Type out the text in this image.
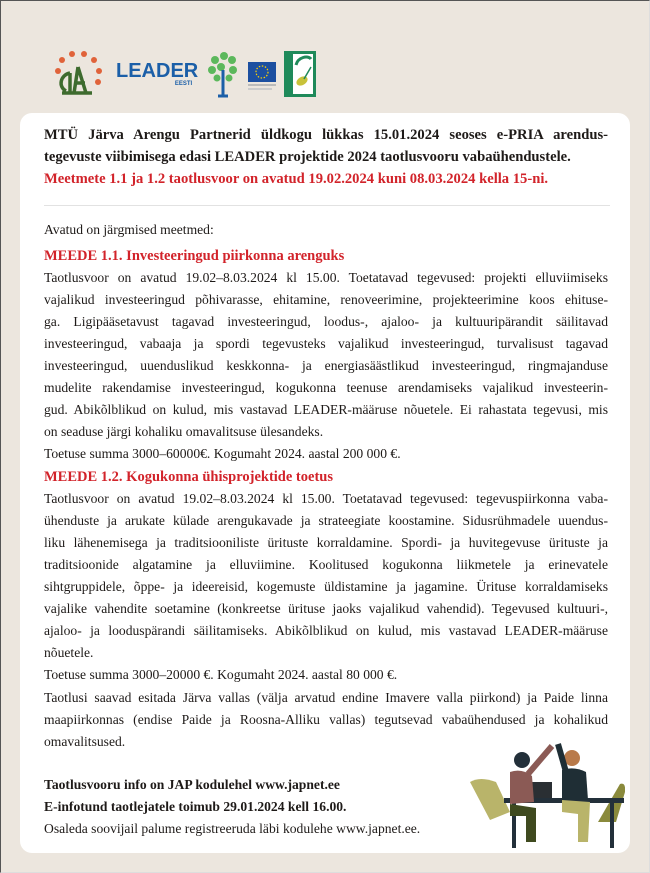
LEADER
EESTI
MTÜ Järva Arengu Partnerid üldkogu lükkas 15.01.2024 seoses e-PRIA arendus-
tegevuste viibimisega edasi LEADER projektide 2024 taotlusvooru vabaühendustele.
Meetmete 1.1 ja 1.2 taotlusvoor on avatud 19.02.2024 kuni 08.03.2024 kella 15-ni.
Avatud on järgmised meetmed:
MEEDE 1.1. Investeeringud piirkonna arenguks
Taotlusvoor on avatud 19.02–8.03.2024 kl 15.00. Toetatavad tegevused: projekti elluviimiseks
vajalikud investeeringud põhivarasse, ehitamine, renoveerimine, projekteerimine koos ehituse-
ga. Ligipääsetavust tagavad investeeringud, loodus-, ajaloo- ja kultuuripärandit säilitavad
investeeringud, vabaaja ja spordi tegevusteks vajalikud investeeringud, turvalisust tagavad
investeeringud, uuenduslikud keskkonna- ja energiasäästlikud investeeringud, ringmajanduse
mudelite rakendamise investeeringud, kogukonna teenuse arendamiseks vajalikud investeerin-
gud. Abikõlblikud on kulud, mis vastavad LEADER-määruse nõuetele. Ei rahastata tegevusi, mis
on seaduse järgi kohaliku omavalitsuse ülesandeks.
Toetuse summa 3000–60000€. Kogumaht 2024. aastal 200 000 €.
MEEDE 1.2. Kogukonna ühisprojektide toetus
Taotlusvoor on avatud 19.02–8.03.2024 kl 15.00. Toetatavad tegevused: tegevuspiirkonna vaba-
ühenduste ja arukate külade arengukavade ja strateegiate koostamine. Sidusrühmadele uuendus-
liku lähenemisega ja traditsiooniliste ürituste korraldamine. Spordi- ja huvitegevuse ürituste ja
traditsioonide algatamine ja elluviimine. Koolitused kogukonna liikmetele ja erinevatele
sihtgruppidele, õppe- ja ideereisid, kogemuste üldistamine ja jagamine. Ürituse korraldamiseks
vajalike vahendite soetamine (konkreetse ürituse jaoks vajalikud vahendid). Tegevused kultuuri-,
ajaloo- ja looduspärandi säilitamiseks. Abikõlblikud on kulud, mis vastavad LEADER-määruse
nõuetele.
Toetuse summa 3000–20000 €. Kogumaht 2024. aastal 80 000 €.
Taotlusi saavad esitada Järva vallas (välja arvatud endine Imavere valla piirkond) ja Paide linna
maapiirkonnas (endise Paide ja Roosna-Alliku vallas) tegutsevad vabaühendused ja kohalikud
omavalitsused.
Taotlusvooru info on JAP kodulehel www.japnet.ee
E-infotund taotlejatele toimub 29.01.2024 kell 16.00.
Osaleda soovijail palume registreeruda läbi kodulehe www.japnet.ee.
